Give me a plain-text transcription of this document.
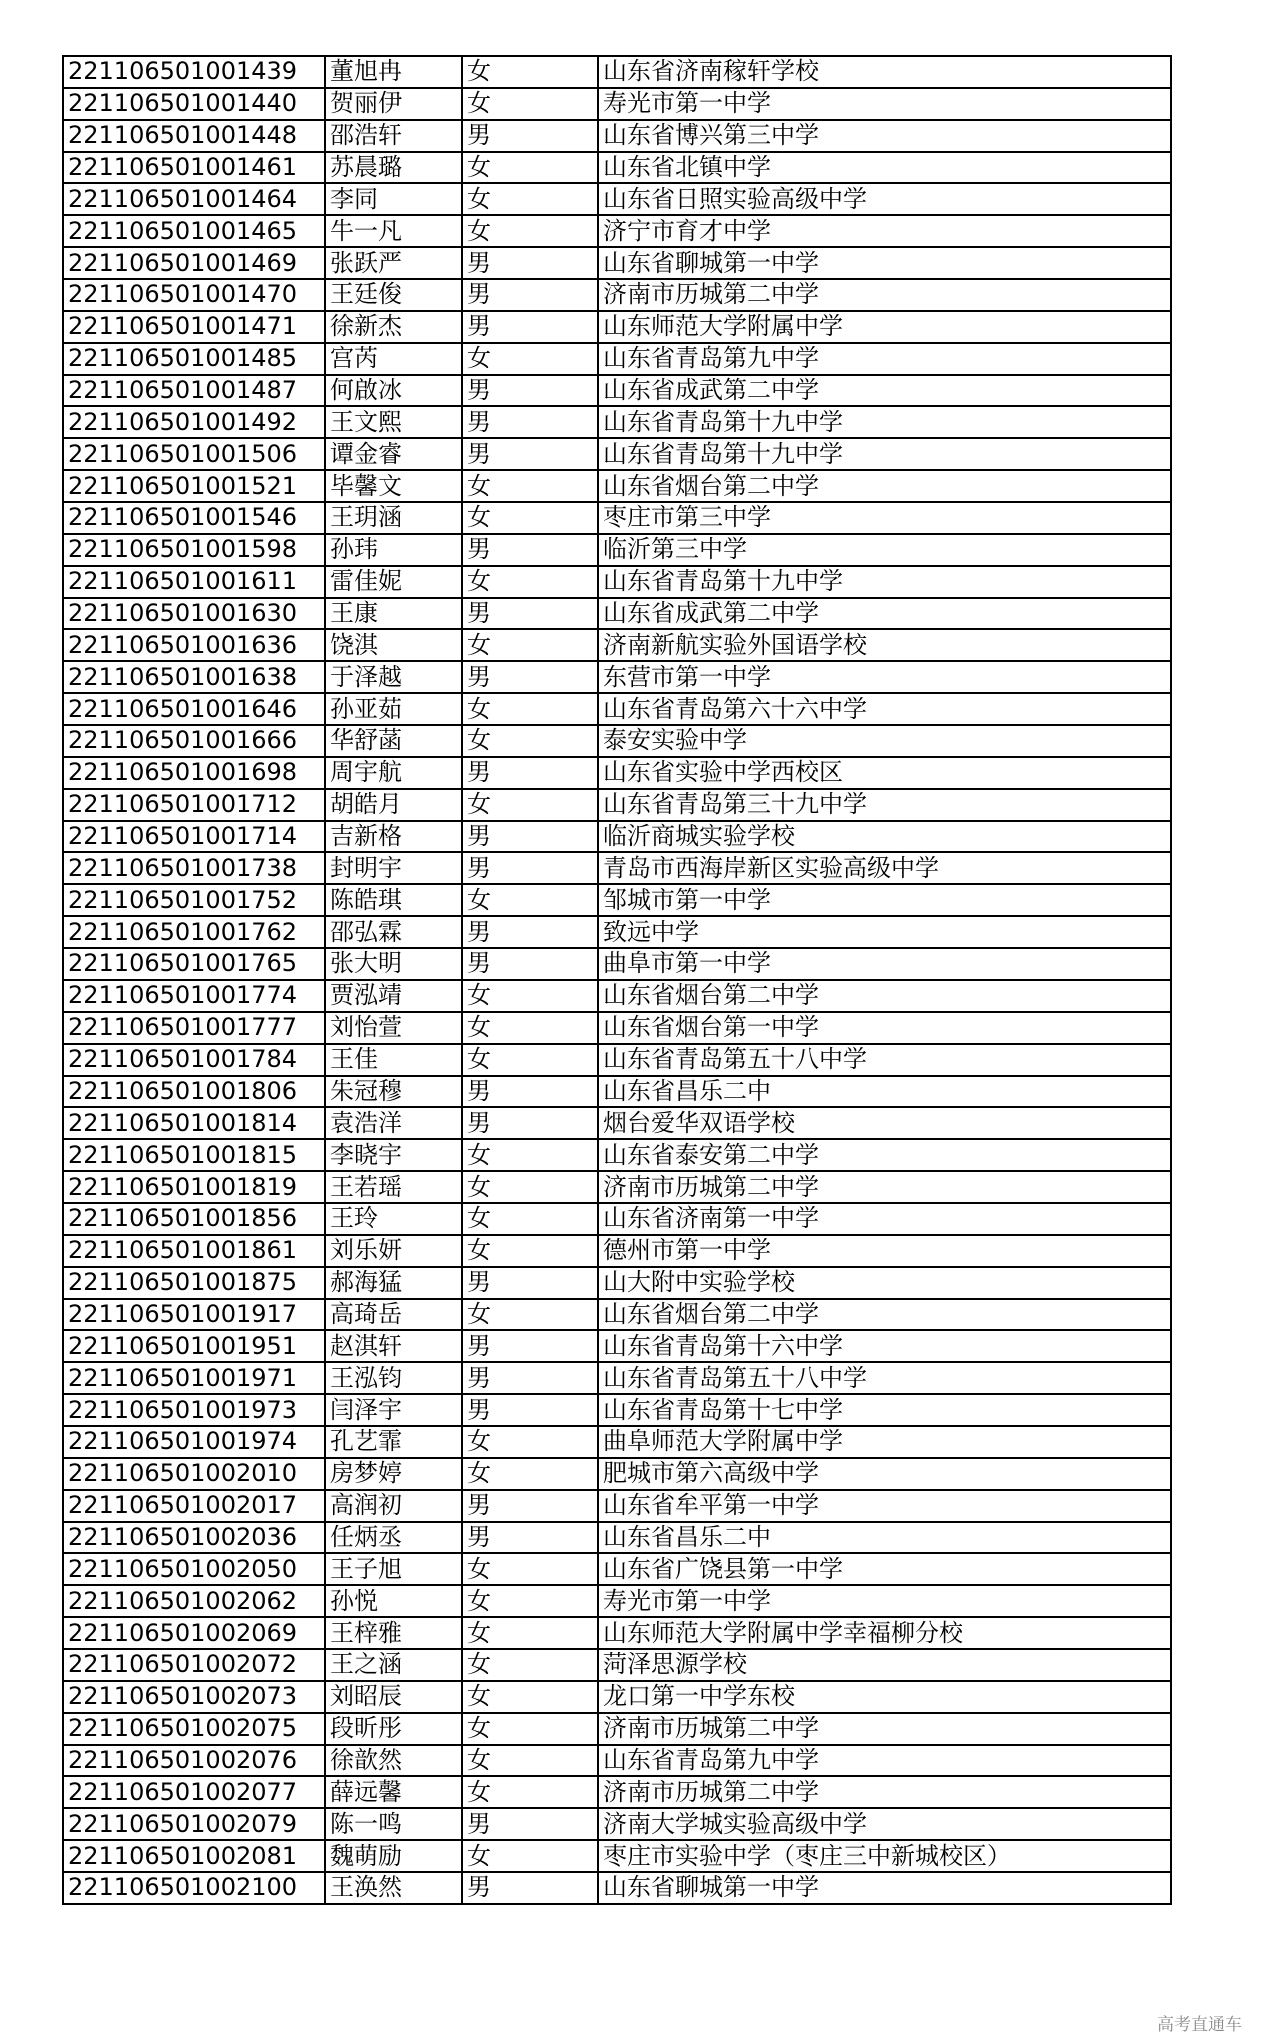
221106501001439	董旭冉	女	山东省济南稼轩学校
221106501001440	贺丽伊	女	寿光市第一中学
221106501001448	邵浩轩	男	山东省博兴第三中学
221106501001461	苏晨璐	女	山东省北镇中学
221106501001464	李同	女	山东省日照实验高级中学
221106501001465	牛一凡	女	济宁市育才中学
221106501001469	张跃严	男	山东省聊城第一中学
221106501001470	王廷俊	男	济南市历城第二中学
221106501001471	徐新杰	男	山东师范大学附属中学
221106501001485	宫芮	女	山东省青岛第九中学
221106501001487	何啟冰	男	山东省成武第二中学
221106501001492	王文熙	男	山东省青岛第十九中学
221106501001506	谭金睿	男	山东省青岛第十九中学
221106501001521	毕馨文	女	山东省烟台第二中学
221106501001546	王玥涵	女	枣庄市第三中学
221106501001598	孙玮	男	临沂第三中学
221106501001611	雷佳妮	女	山东省青岛第十九中学
221106501001630	王康	男	山东省成武第二中学
221106501001636	饶淇	女	济南新航实验外国语学校
221106501001638	于泽越	男	东营市第一中学
221106501001646	孙亚茹	女	山东省青岛第六十六中学
221106501001666	华舒菡	女	泰安实验中学
221106501001698	周宇航	男	山东省实验中学西校区
221106501001712	胡皓月	女	山东省青岛第三十九中学
221106501001714	吉新格	男	临沂商城实验学校
221106501001738	封明宇	男	青岛市西海岸新区实验高级中学
221106501001752	陈皓琪	女	邹城市第一中学
221106501001762	邵弘霖	男	致远中学
221106501001765	张大明	男	曲阜市第一中学
221106501001774	贾泓靖	女	山东省烟台第二中学
221106501001777	刘怡萱	女	山东省烟台第一中学
221106501001784	王佳	女	山东省青岛第五十八中学
221106501001806	朱冠穆	男	山东省昌乐二中
221106501001814	袁浩洋	男	烟台爱华双语学校
221106501001815	李晓宇	女	山东省泰安第二中学
221106501001819	王若瑶	女	济南市历城第二中学
221106501001856	王玲	女	山东省济南第一中学
221106501001861	刘乐妍	女	德州市第一中学
221106501001875	郝海猛	男	山大附中实验学校
221106501001917	高琦岳	女	山东省烟台第二中学
221106501001951	赵淇轩	男	山东省青岛第十六中学
221106501001971	王泓钧	男	山东省青岛第五十八中学
221106501001973	闫泽宇	男	山东省青岛第十七中学
221106501001974	孔艺霏	女	曲阜师范大学附属中学
221106501002010	房梦婷	女	肥城市第六高级中学
221106501002017	高润初	男	山东省牟平第一中学
221106501002036	任炳丞	男	山东省昌乐二中
221106501002050	王子旭	女	山东省广饶县第一中学
221106501002062	孙悦	女	寿光市第一中学
221106501002069	王梓雅	女	山东师范大学附属中学幸福柳分校
221106501002072	王之涵	女	菏泽思源学校
221106501002073	刘昭辰	女	龙口第一中学东校
221106501002075	段昕彤	女	济南市历城第二中学
221106501002076	徐歆然	女	山东省青岛第九中学
221106501002077	薛远馨	女	济南市历城第二中学
221106501002079	陈一鸣	男	济南大学城实验高级中学
221106501002081	魏萌励	女	枣庄市实验中学（枣庄三中新城校区）
221106501002100	王涣然	男	山东省聊城第一中学
高考直通车
